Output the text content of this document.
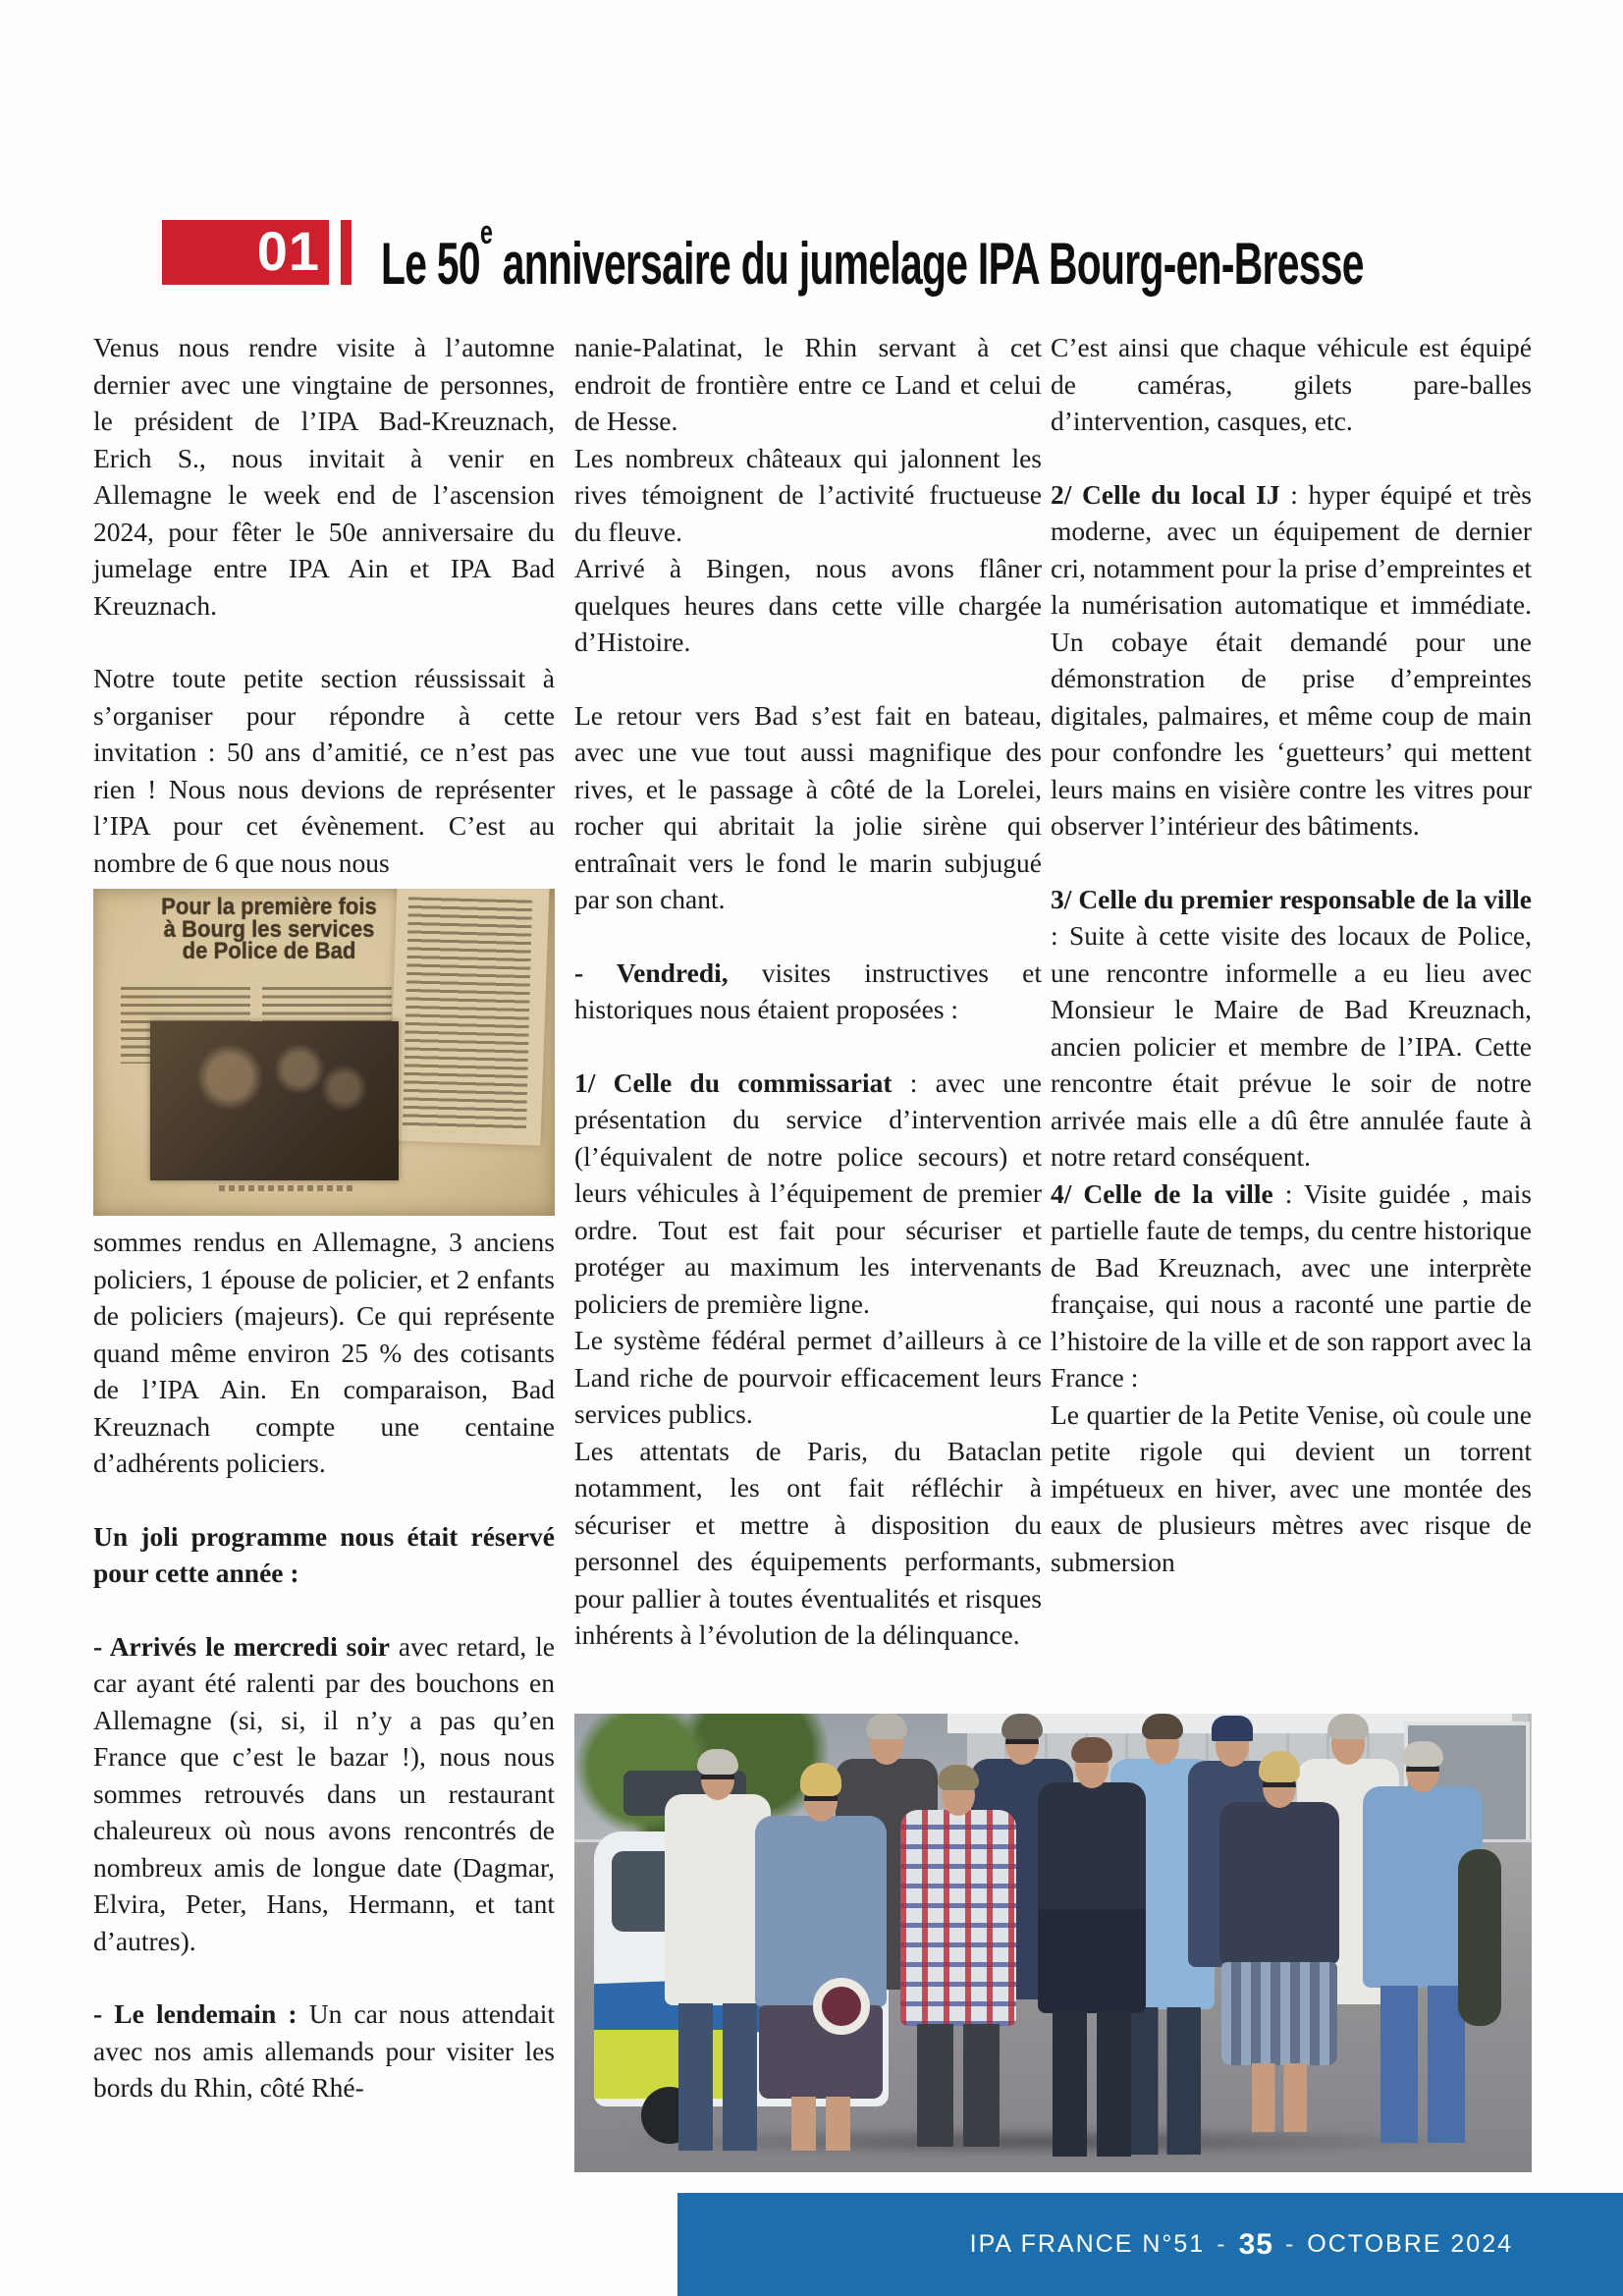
01	Le 50e anniversaire du jumelage IPA Bourg-en-Bresse

Venus nous rendre visite à l’automne dernier avec une vingtaine de personnes, le président de l’IPA Bad-Kreuznach, Erich S., nous invitait à venir en Allemagne le week end de l’ascension 2024, pour fêter le 50e anniversaire du jumelage entre IPA Ain et IPA Bad Kreuznach.

Notre toute petite section réussissait à s’organiser pour répondre à cette invitation : 50 ans d’amitié, ce n’est pas rien ! Nous nous devions de représenter l’IPA pour cet évènement. C’est au nombre de 6 que nous nous

Pour la première fois
à Bourg les services
de Police de Bad

sommes rendus en Allemagne, 3 anciens policiers, 1 épouse de policier, et 2 enfants de policiers (majeurs). Ce qui représente quand même environ 25 % des cotisants de l’IPA Ain. En comparaison, Bad Kreuznach compte une centaine d’adhérents policiers.

Un joli programme nous était réservé pour cette année :

- Arrivés le mercredi soir avec retard, le car ayant été ralenti par des bouchons en Allemagne (si, si, il n’y a pas qu’en France que c’est le bazar !), nous nous sommes retrouvés dans un restaurant chaleureux où nous avons rencontrés de nombreux amis de longue date (Dagmar, Elvira, Peter, Hans, Hermann, et tant d’autres).

- Le lendemain : Un car nous attendait avec nos amis allemands pour visiter les bords du Rhin, côté Rhé-

nanie-Palatinat, le Rhin servant à cet endroit de frontière entre ce Land et celui de Hesse.

Les nombreux châteaux qui jalonnent les rives témoignent de l’activité fructueuse du fleuve.

Arrivé à Bingen, nous avons flâner quelques heures dans cette ville chargée d’Histoire.

Le retour vers Bad s’est fait en bateau, avec une vue tout aussi magnifique des rives, et le passage à côté de la Lorelei, rocher qui abritait la jolie sirène qui entraînait vers le fond le marin subjugué par son chant.

- Vendredi, visites instructives et historiques nous étaient proposées :

1/ Celle du commissariat : avec une présentation du service d’intervention (l’équivalent de notre police secours) et leurs véhicules à l’équipement de premier ordre. Tout est fait pour sécuriser et protéger au maximum les intervenants policiers de première ligne.

Le système fédéral permet d’ailleurs à ce Land riche de pourvoir efficacement leurs services publics.

Les attentats de Paris, du Bataclan notamment, les ont fait réfléchir à sécuriser et mettre à disposition du personnel des équipements performants, pour pallier à toutes éventualités et risques inhérents à l’évolution de la délinquance.

C’est ainsi que chaque véhicule est équipé de caméras, gilets pare-balles d’intervention, casques, etc.

2/ Celle du local IJ : hyper équipé et très moderne, avec un équipement de dernier cri, notamment pour la prise d’empreintes et la numérisation automatique et immédiate. Un cobaye était demandé pour une démonstration de prise d’empreintes digitales, palmaires, et même coup de main pour confondre les ‘guetteurs’ qui mettent leurs mains en visière contre les vitres pour observer l’intérieur des bâtiments.

3/ Celle du premier responsable de la ville : Suite à cette visite des locaux de Police, une rencontre informelle a eu lieu avec Monsieur le Maire de Bad Kreuznach, ancien policier et membre de l’IPA. Cette rencontre était prévue le soir de notre arrivée mais elle a dû être annulée faute à notre retard conséquent.

4/ Celle de la ville : Visite guidée , mais partielle faute de temps, du centre historique de Bad Kreuznach, avec une interprète française, qui nous a raconté une partie de l’histoire de la ville et de son rapport avec la France :

Le quartier de la Petite Venise, où coule une petite rigole qui devient un torrent impétueux en hiver, avec une montée des eaux de plusieurs mètres avec risque de submersion

IPA FRANCE N°51 - 35 - OCTOBRE 2024
